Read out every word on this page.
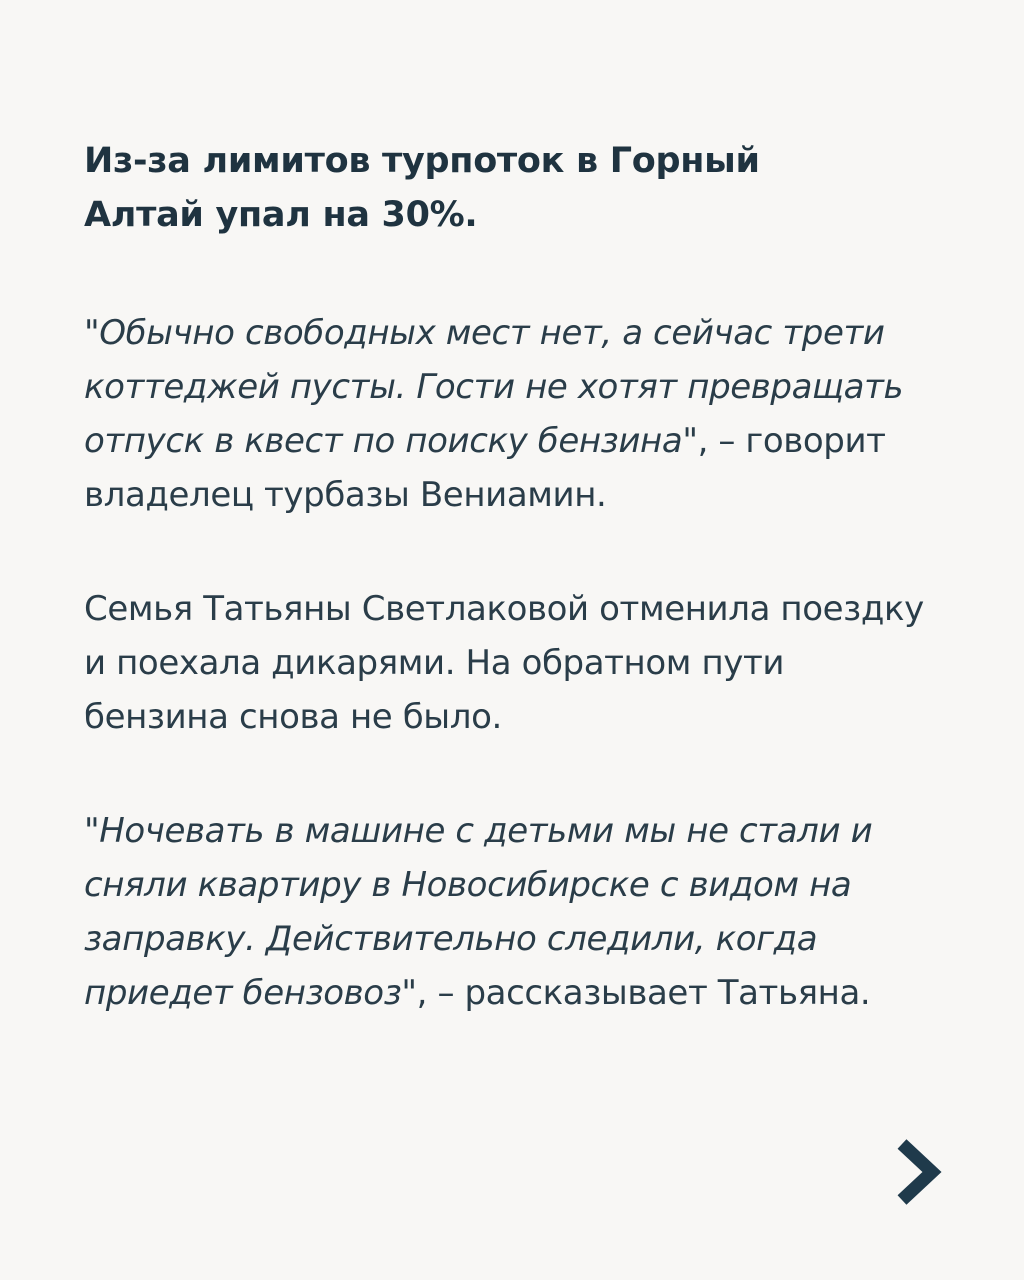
Из-за лимитов турпоток в Горный
Алтай упал на 30%.

"Обычно свободных мест нет, а сейчас трети коттеджей пусты. Гости не хотят превращать отпуск в квест по поиску бензина", – говорит владелец турбазы Вениамин.

Семья Татьяны Светлаковой отменила поездку и поехала дикарями. На обратном пути бензина снова не было.

"Ночевать в машине с детьми мы не стали и сняли квартиру в Новосибирске с видом на заправку. Действительно следили, когда приедет бензовоз", – рассказывает Татьяна.
